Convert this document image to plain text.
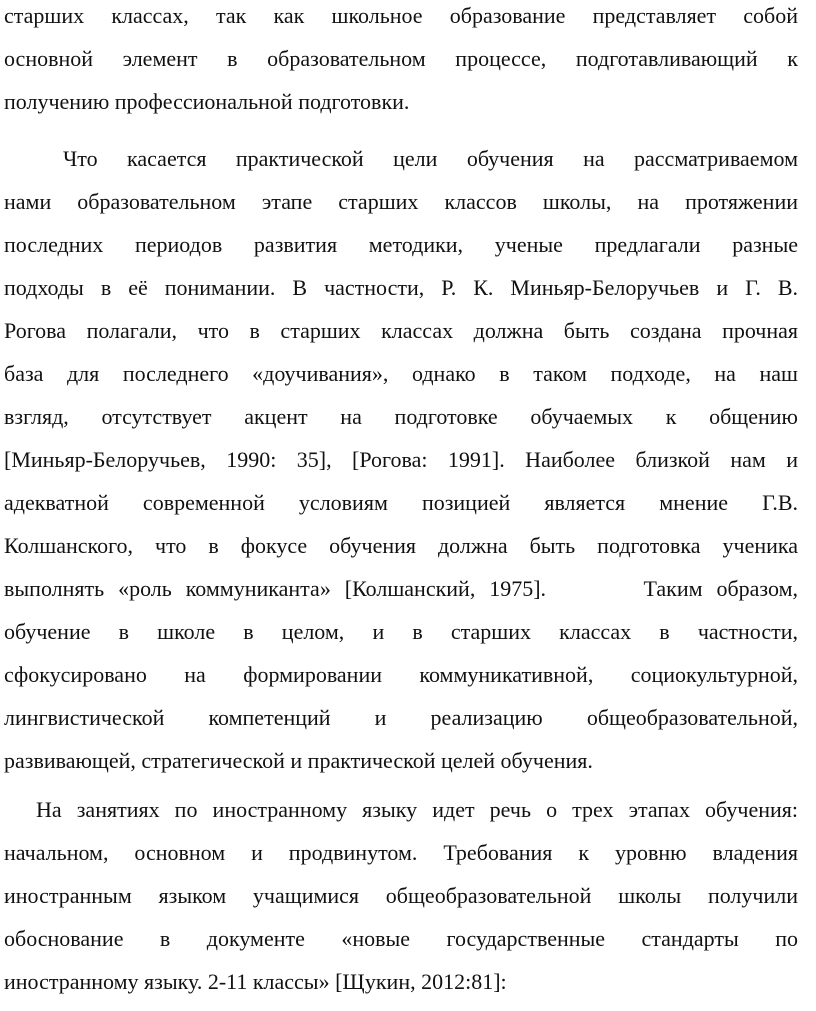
старших классах, так как школьное образование представляет собой
основной элемент в образовательном процессе, подготавливающий к
получению профессиональной подготовки.
Что касается практической цели обучения на рассматриваемом
нами образовательном этапе старших классов школы, на протяжении
последних периодов развития методики, ученые предлагали разные
подходы в её понимании. В частности, Р. К. Миньяр-Белоручьев и Г. В.
Рогова полагали, что в старших классах должна быть создана прочная
база для последнего «доучивания», однако в таком подходе, на наш
взгляд, отсутствует акцент на подготовке обучаемых к общению
[Миньяр-Белоручьев, 1990: 35], [Рогова: 1991]. Наиболее близкой нам и
адекватной современной условиям позицией является мнение Г.В.
Колшанского, что в фокусе обучения должна быть подготовка ученика
выполнять «роль коммуниканта» [Колшанский, 1975].       Таким образом,
обучение в школе в целом, и в старших классах в частности,
сфокусировано на формировании коммуникативной, социокультурной,
лингвистической компетенций и реализацию общеобразовательной,
развивающей, стратегической и практической целей обучения.
На занятиях по иностранному языку идет речь о трех этапах обучения:
начальном, основном и продвинутом. Требования к уровню владения
иностранным языком учащимися общеобразовательной школы получили
обоснование в документе «новые государственные стандарты по
иностранному языку. 2-11 классы» [Щукин, 2012:81]:
